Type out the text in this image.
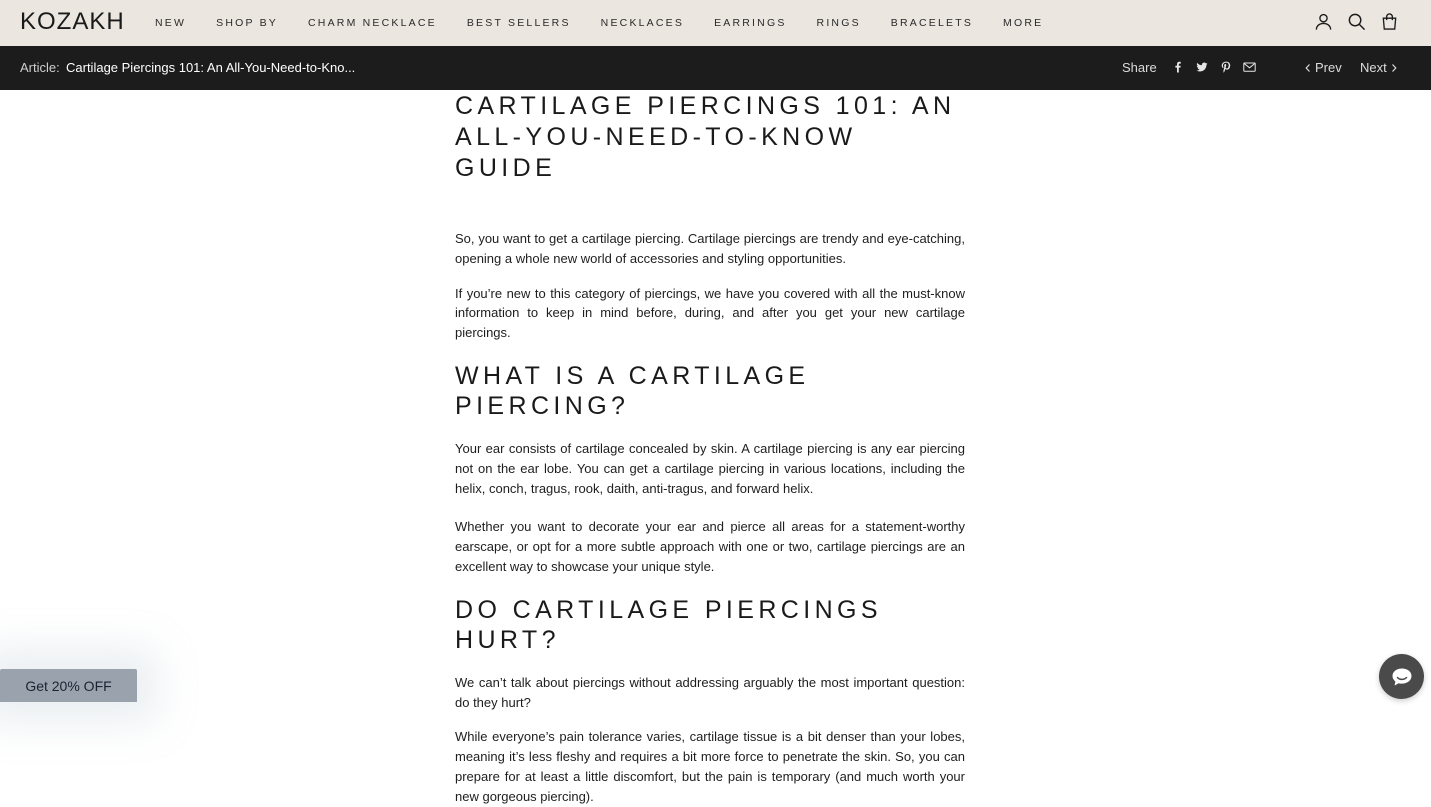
KOZAKH	NEW	SHOP BY	CHARM NECKLACE	BEST SELLERS	NECKLACES	EARRINGS	RINGS	BRACELETS	MORE
Article: Cartilage Piercings 101: An All-You-Need-to-Kno...	Share	Prev Next
CARTILAGE PIERCINGS 101: AN
ALL-YOU-NEED-TO-KNOW GUIDE

So, you want to get a cartilage piercing. Cartilage piercings are trendy and eye-catching, opening a whole new world of accessories and styling opportunities.

If you’re new to this category of piercings, we have you covered with all the must-know information to keep in mind before, during, and after you get your new cartilage piercings.

WHAT IS A CARTILAGE PIERCING?

Your ear consists of cartilage concealed by skin. A cartilage piercing is any ear piercing not on the ear lobe. You can get a cartilage piercing in various locations, including the helix, conch, tragus, rook, daith, anti-tragus, and forward helix.

Whether you want to decorate your ear and pierce all areas for a statement-worthy earscape, or opt for a more subtle approach with one or two, cartilage piercings are an excellent way to showcase your unique style.

DO CARTILAGE PIERCINGS HURT?

We can’t talk about piercings without addressing arguably the most important question: do they hurt?

While everyone’s pain tolerance varies, cartilage tissue is a bit denser than your lobes, meaning it’s less fleshy and requires a bit more force to penetrate the skin. So, you can prepare for at least a little discomfort, but the pain is temporary (and much worth your new gorgeous piercing).

Get 20% OFF
